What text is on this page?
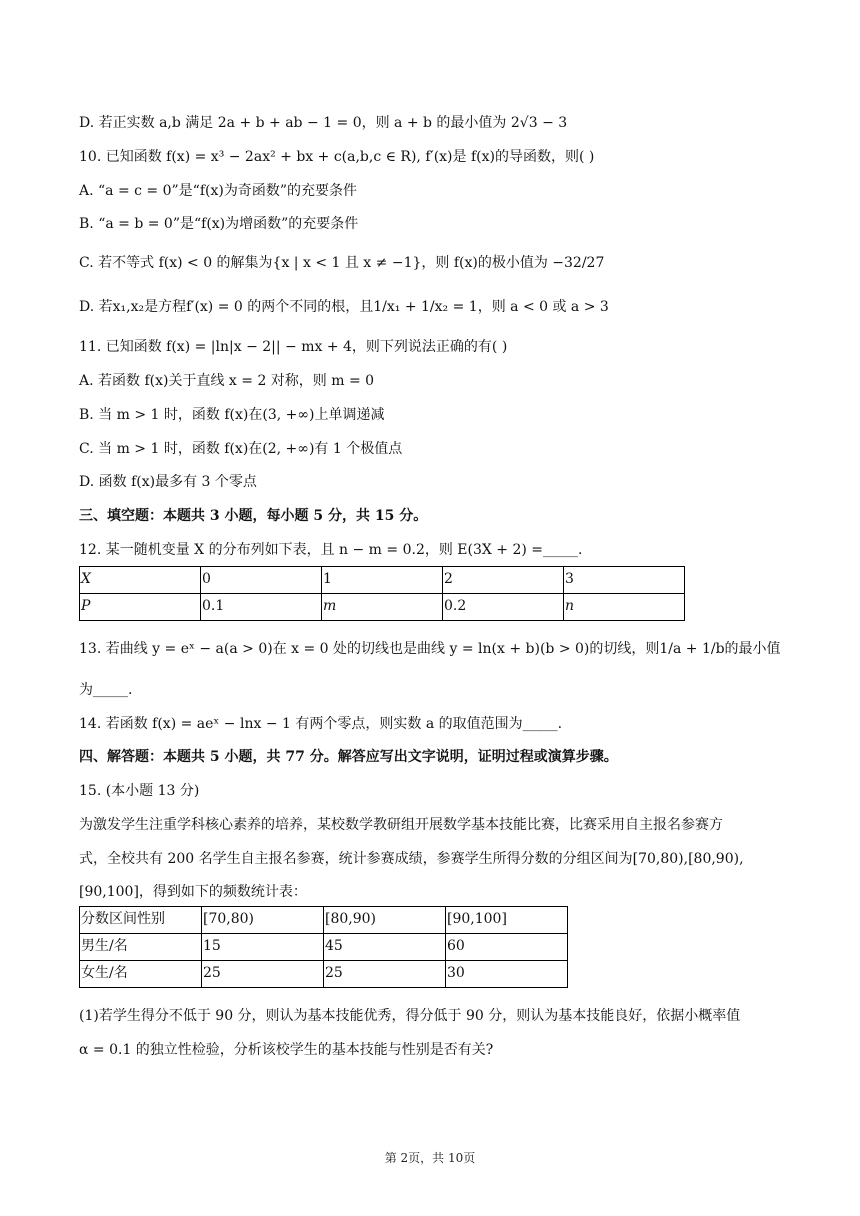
D. 若正实数 a,b 满足 2a + b + ab − 1 = 0，则 a + b 的最小值为 2√3 − 3
10. 已知函数 f(x) = x³ − 2ax² + bx + c(a,b,c ∈ R), f′(x)是 f(x)的导函数，则( )
A. “a = c = 0”是“f(x)为奇函数”的充要条件
B. “a = b = 0”是“f(x)为增函数”的充要条件
C. 若不等式 f(x) < 0 的解集为{x | x < 1 且 x ≠ −1}，则 f(x)的极小值为 −32/27
D. 若x₁,x₂是方程f′(x) = 0 的两个不同的根，且1/x₁ + 1/x₂ = 1，则 a < 0 或 a > 3
11. 已知函数 f(x) = |ln|x − 2|| − mx + 4，则下列说法正确的有( )
A. 若函数 f(x)关于直线 x = 2 对称，则 m = 0
B. 当 m > 1 时，函数 f(x)在(3, +∞)上单调递减
C. 当 m > 1 时，函数 f(x)在(2, +∞)有 1 个极值点
D. 函数 f(x)最多有 3 个零点
三、填空题：本题共 3 小题，每小题 5 分，共 15 分。
12. 某一随机变量 X 的分布列如下表，且 n − m = 0.2，则 E(3X + 2) =_____.
X	0	1	2	3
P	0.1	m	0.2	n
13. 若曲线 y = eˣ − a(a > 0)在 x = 0 处的切线也是曲线 y = ln(x + b)(b > 0)的切线，则1/a + 1/b的最小值
为_____.
14. 若函数 f(x) = aeˣ − lnx − 1 有两个零点，则实数 a 的取值范围为_____.
四、解答题：本题共 5 小题，共 77 分。解答应写出文字说明，证明过程或演算步骤。
15. (本小题 13 分)
为激发学生注重学科核心素养的培养，某校数学教研组开展数学基本技能比赛，比赛采用自主报名参赛方
式，全校共有 200 名学生自主报名参赛，统计参赛成绩，参赛学生所得分数的分组区间为[70,80),[80,90),
[90,100]，得到如下的频数统计表：
分数区间性别	[70,80)	[80,90)	[90,100]
男生/名	15	45	60
女生/名	25	25	30
(1)若学生得分不低于 90 分，则认为基本技能优秀，得分低于 90 分，则认为基本技能良好，依据小概率值
α = 0.1 的独立性检验，分析该校学生的基本技能与性别是否有关?
第 2页，共 10页
